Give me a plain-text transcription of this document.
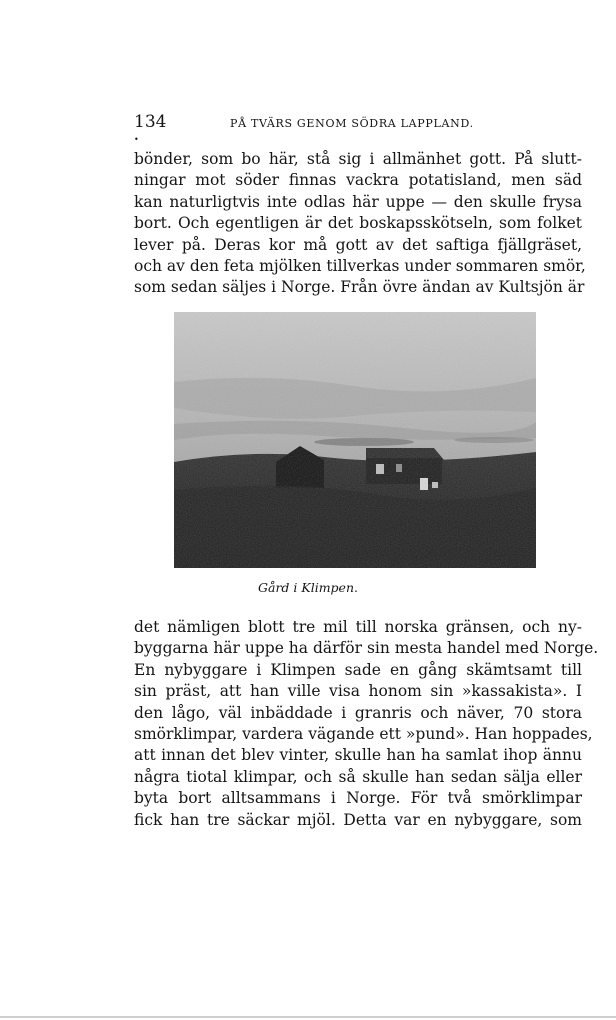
134	PÅ TVÄRS GENOM SÖDRA LAPPLAND.
•
bönder, som bo här, stå sig i allmänhet gott. På slutt-
ningar mot söder finnas vackra potatisland, men säd
kan naturligtvis inte odlas här uppe — den skulle frysa
bort. Och egentligen är det boskapsskötseln, som folket
lever på. Deras kor må gott av det saftiga fjällgräset,
och av den feta mjölken tillverkas under sommaren smör,
som sedan säljes i Norge. Från övre ändan av Kultsjön är
Gård i Klimpen.
det nämligen blott tre mil till norska gränsen, och ny-
byggarna här uppe ha därför sin mesta handel med Norge.
En nybyggare i Klimpen sade en gång skämtsamt till
sin präst, att han ville visa honom sin »kassakista». I
den lågo, väl inbäddade i granris och näver, 70 stora
smörklimpar, vardera vägande ett »pund». Han hoppades,
att innan det blev vinter, skulle han ha samlat ihop ännu
några tiotal klimpar, och så skulle han sedan sälja eller
byta bort alltsammans i Norge. För två smörklimpar
fick han tre säckar mjöl. Detta var en nybyggare, som
